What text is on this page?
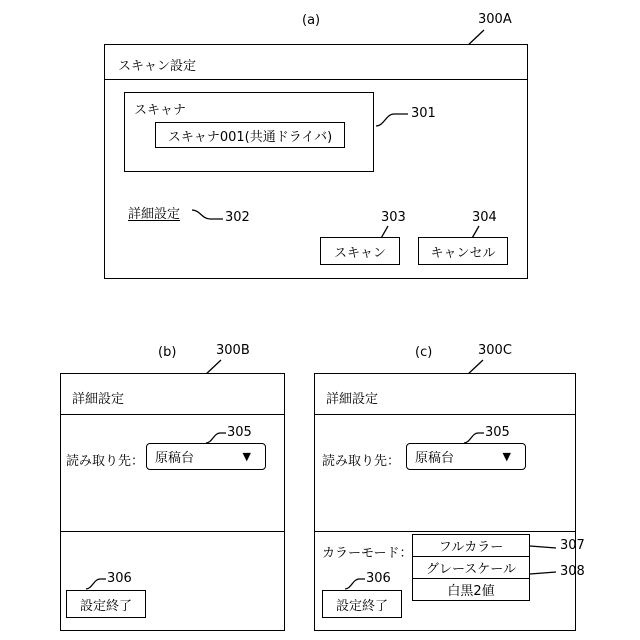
(a)	300A
スキャン設定
スキャナ
スキャナ001(共通ドライバ)
301
詳細設定	302	303
スキャン
304
キャンセル
(b)	300B
詳細設定
読み取り先： 原稿台	▼
305
306
設定終了
(c)	300C
詳細設定
読み取り先：	原稿台	▼
305
カラーモード：	フルカラー
グレースケール
白黒2値
307
308
306
設定終了
